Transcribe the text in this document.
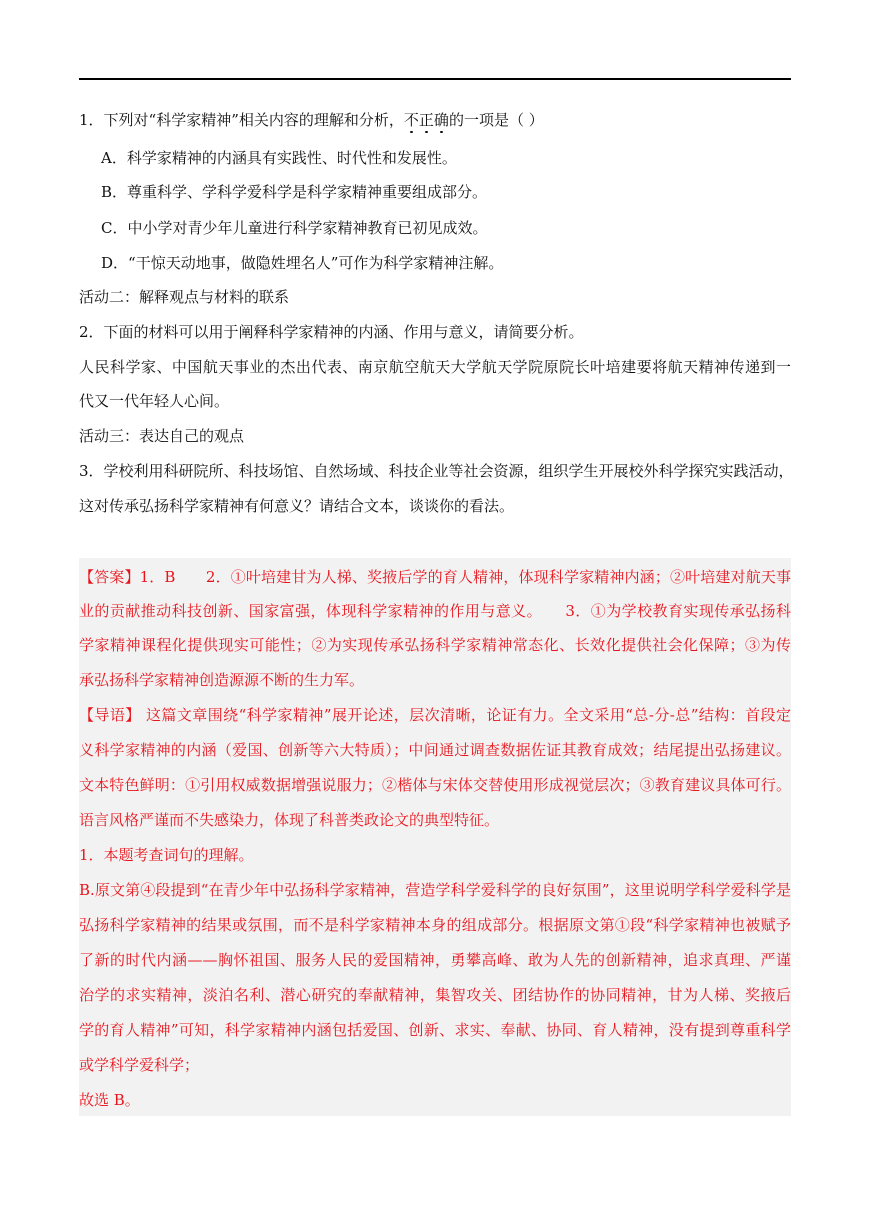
1．下列对“科学家精神”相关内容的理解和分析，不正确的一项是（ ）
A．科学家精神的内涵具有实践性、时代性和发展性。
B．尊重科学、学科学爱科学是科学家精神重要组成部分。
C．中小学对青少年儿童进行科学家精神教育已初见成效。
D．“干惊天动地事，做隐姓埋名人”可作为科学家精神注解。
活动二：解释观点与材料的联系
2．下面的材料可以用于阐释科学家精神的内涵、作用与意义，请简要分析。
人民科学家、中国航天事业的杰出代表、南京航空航天大学航天学院原院长叶培建要将航天精神传递到一
代又一代年轻人心间。
活动三：表达自己的观点
3．学校利用科研院所、科技场馆、自然场域、科技企业等社会资源，组织学生开展校外科学探究实践活动，
这对传承弘扬科学家精神有何意义？请结合文本，谈谈你的看法。
【答案】1．B　　2．①叶培建甘为人梯、奖掖后学的育人精神，体现科学家精神内涵；②叶培建对航天事
业的贡献推动科技创新、国家富强，体现科学家精神的作用与意义。　　3．①为学校教育实现传承弘扬科
学家精神课程化提供现实可能性；②为实现传承弘扬科学家精神常态化、长效化提供社会化保障；③为传
承弘扬科学家精神创造源源不断的生力军。
【导语】 这篇文章围绕“科学家精神”展开论述，层次清晰，论证有力。全文采用“总-分-总”结构：首段定
义科学家精神的内涵（爱国、创新等六大特质）；中间通过调查数据佐证其教育成效；结尾提出弘扬建议。
文本特色鲜明：①引用权威数据增强说服力；②楷体与宋体交替使用形成视觉层次；③教育建议具体可行。
语言风格严谨而不失感染力，体现了科普类政论文的典型特征。
1．本题考查词句的理解。
B.原文第④段提到“在青少年中弘扬科学家精神，营造学科学爱科学的良好氛围”，这里说明学科学爱科学是
弘扬科学家精神的结果或氛围，而不是科学家精神本身的组成部分。根据原文第①段“科学家精神也被赋予
了新的时代内涵——胸怀祖国、服务人民的爱国精神，勇攀高峰、敢为人先的创新精神，追求真理、严谨
治学的求实精神，淡泊名利、潜心研究的奉献精神，集智攻关、团结协作的协同精神，甘为人梯、奖掖后
学的育人精神”可知，科学家精神内涵包括爱国、创新、求实、奉献、协同、育人精神，没有提到尊重科学
或学科学爱科学；
故选 B。
